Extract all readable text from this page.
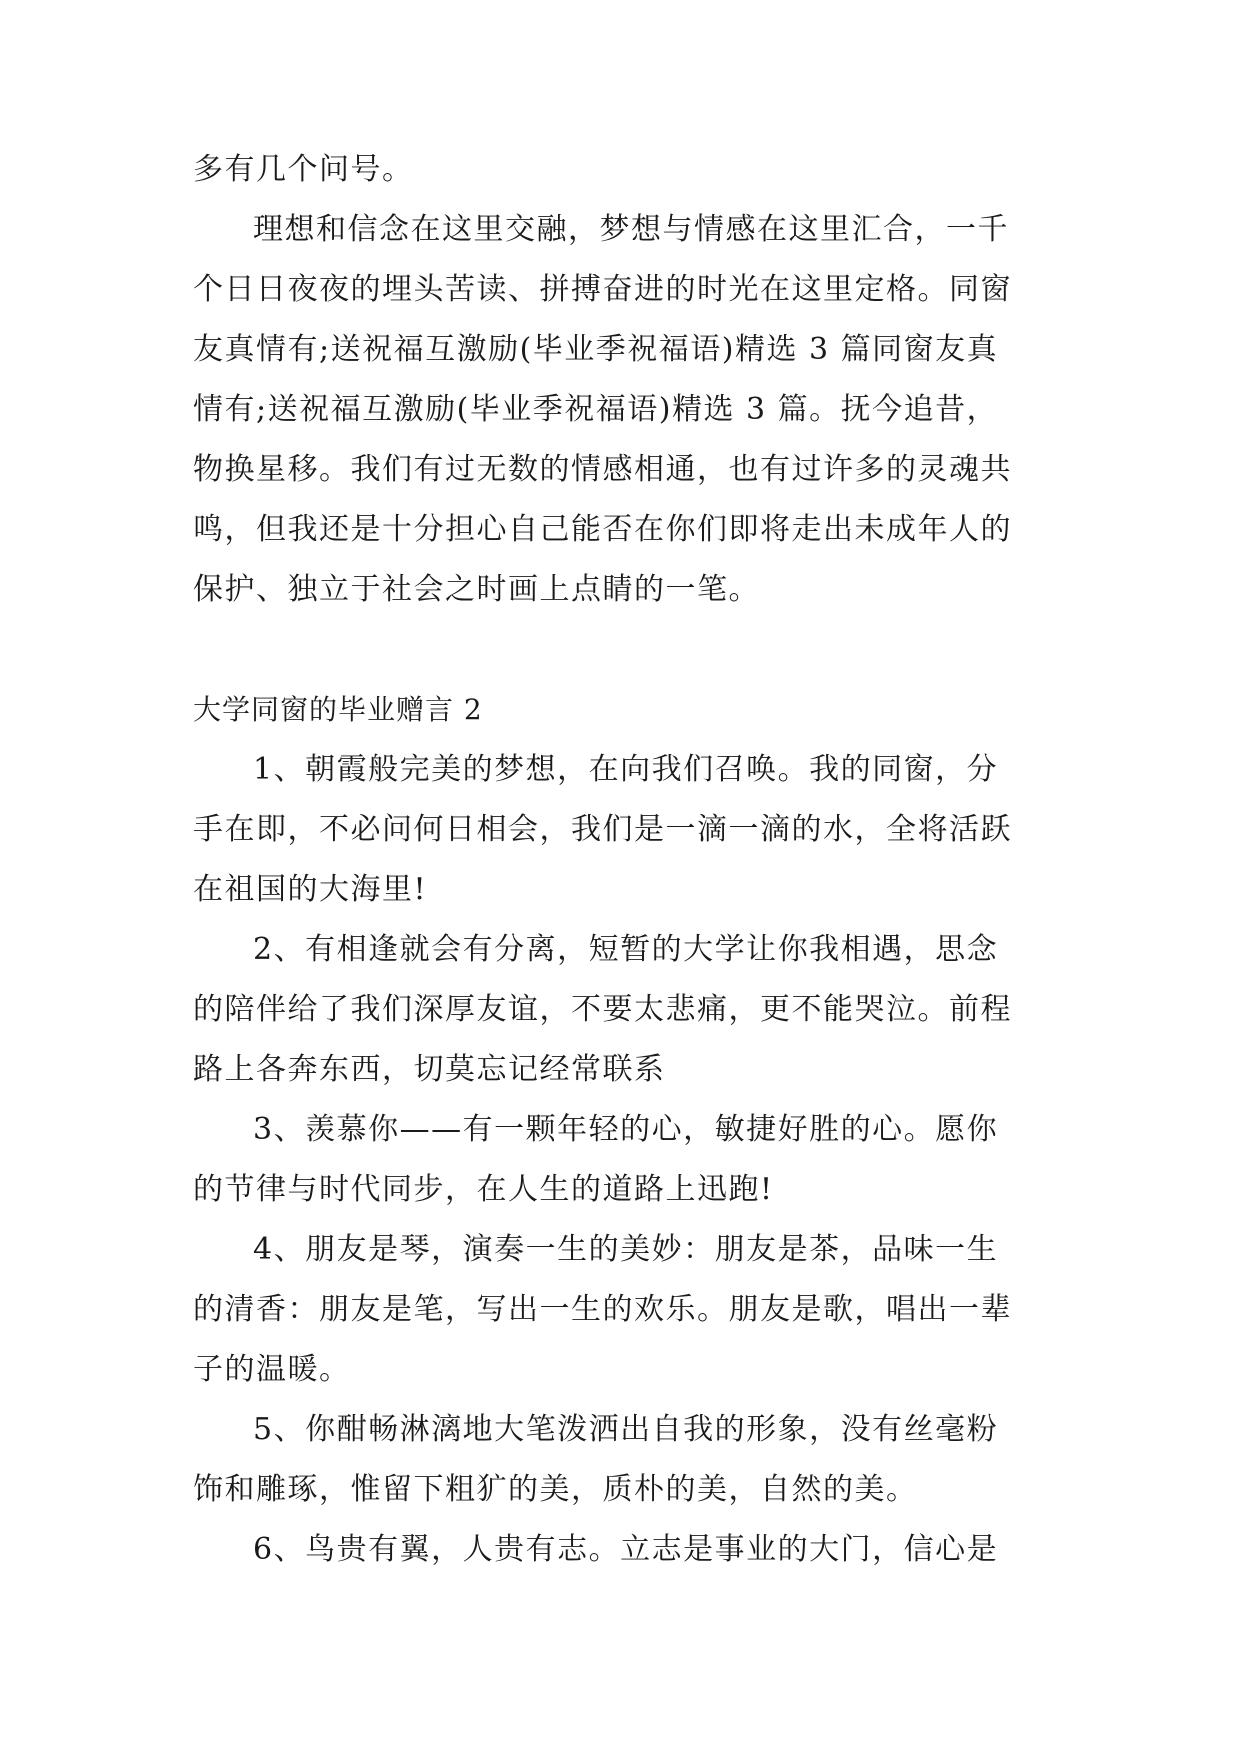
多有几个问号。
理想和信念在这里交融，梦想与情感在这里汇合，一千
个日日夜夜的埋头苦读、拼搏奋进的时光在这里定格。同窗
友真情有;送祝福互激励(毕业季祝福语)精选 3 篇同窗友真
情有;送祝福互激励(毕业季祝福语)精选 3 篇。抚今追昔，
物换星移。我们有过无数的情感相通，也有过许多的灵魂共
鸣，但我还是十分担心自己能否在你们即将走出未成年人的
保护、独立于社会之时画上点睛的一笔。
大学同窗的毕业赠言 2
1、朝霞般完美的梦想，在向我们召唤。我的同窗，分
手在即，不必问何日相会，我们是一滴一滴的水，全将活跃
在祖国的大海里!
2、有相逢就会有分离，短暂的大学让你我相遇，思念
的陪伴给了我们深厚友谊，不要太悲痛，更不能哭泣。前程
路上各奔东西，切莫忘记经常联系
3、羡慕你——有一颗年轻的心，敏捷好胜的心。愿你
的节律与时代同步，在人生的道路上迅跑!
4、朋友是琴，演奏一生的美妙：朋友是茶，品味一生
的清香：朋友是笔，写出一生的欢乐。朋友是歌，唱出一辈
子的温暖。
5、你酣畅淋漓地大笔泼洒出自我的形象，没有丝毫粉
饰和雕琢，惟留下粗犷的美，质朴的美，自然的美。
6、鸟贵有翼，人贵有志。立志是事业的大门，信心是
